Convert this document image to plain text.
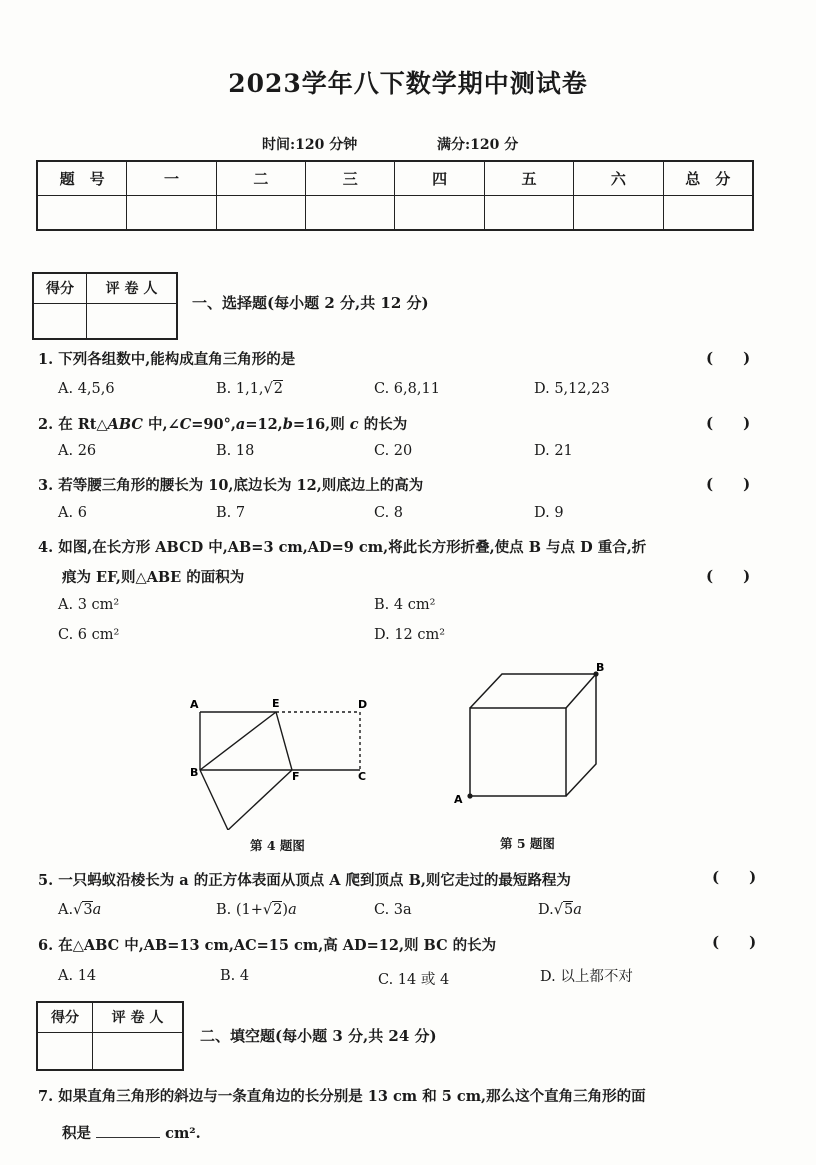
2023学年八下数学期中测试卷
时间:120 分钟	满分:120 分
题　号	一	二	三	四	五	六	总　分

得分	评 卷 人

一、选择题(每小题 2 分,共 12 分)
1. 下列各组数中,能构成直角三角形的是	(　　)
A. 4,5,6	B. 1,1,√2	C. 6,8,11	D. 5,12,23
2. 在 Rt△ABC 中,∠C=90°,a=12,b=16,则 c 的长为	(　　)
A. 26	B. 18	C. 20	D. 21
3. 若等腰三角形的腰长为 10,底边长为 12,则底边上的高为	(　　)
A. 6	B. 7	C. 8	D. 9
4. 如图,在长方形 ABCD 中,AB=3 cm,AD=9 cm,将此长方形折叠,使点 B 与点 D 重合,折
痕为 EF,则△ABE 的面积为	(　　)
A. 3 cm²	B. 4 cm²
C. 6 cm²	D. 12 cm²
A	E	D
B	F	C
第 4 题图
A
B
第 5 题图
5. 一只蚂蚁沿棱长为 a 的正方体表面从顶点 A 爬到顶点 B,则它走过的最短路程为	(　　)
A.√3a	B. (1+√2)a	C. 3a	D.√5a
6. 在△ABC 中,AB=13 cm,AC=15 cm,高 AD=12,则 BC 的长为	(　　)
A. 14	B. 4	C. 14 或 4	D. 以上都不对
得分	评 卷 人

二、填空题(每小题 3 分,共 24 分)
7. 如果直角三角形的斜边与一条直角边的长分别是 13 cm 和 5 cm,那么这个直角三角形的面
积是	cm².
